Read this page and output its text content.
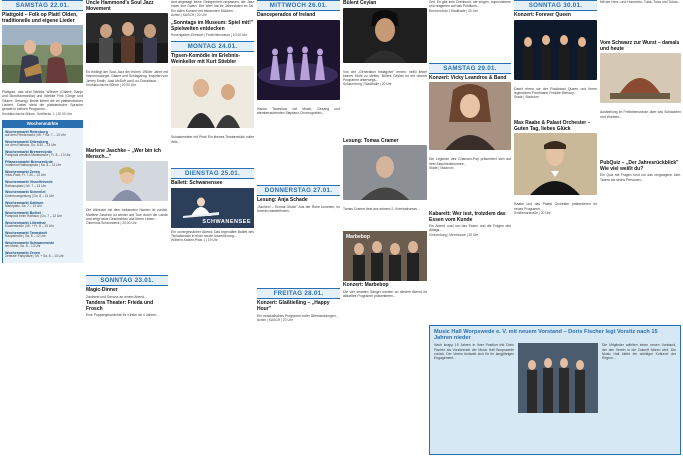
SAMSTAG 22.01.
Plattgold – Folk op Platt! Olden, traditionelle und eigene Lieder
Plattgold, das sind Wiebke Wöhner (Gitarre, Banjo und Mundharmonika) und Wiebke Fink (Geige und Gitarre, Gesang). Beide lieben die an plattdeutschen Liedern. Dabei steht die plattdeutsche Sprache gerade in kleinen Programm...
Knoblauchsche Bühne, Schillerstr. 1 | 20.00 Uhr
Wochenmärkte
Wochenmarkt Rotenburg
auf dem Pferdemarkt | Mi. + Sa. 7 – 13 Uhr
Wochenmarkt Ottersberg
vor dem Rathaus, Do. 8.30 – 13 Uhr
Wochenmarkt Bremervörde
Parkplatz westlich Marktstraße | Fr. 8 – 13 Uhr
Pflanzenmarkt Bremervörde
Vorabend Rathausplatz | Sa. 8 – 13 Uhr
Wochenmarkt Zeven
Vitus-Platz, Fr. 7.30 – 13 Uhr
Wochenmarkt Visselhövede
Rathausplatz | Mi. 7 – 13 Uhr
Wochenmarkt Scheeßel
Kirchenumgebung | Do. 8 – 13 Uhr
Wochenmarkt Sottrum
Marktplatz, Sa. 7 – 13 Uhr
Wochenmarkt Bothel
Parkplatz beim Rathaus | Do. 7 – 12 Uhr
Wochenmarkt Lilienthal
Klosterstraße | Mi. + Fr. 8 – 13 Uhr
Wochenmarkt Tarmstedt
Hauptstraße | Sa. 8 – 12 Uhr
Wochenmarkt Schwanewede
am Markt, Sa. 8 – 13 Uhr
Wochenmarkt Zeven
Zentrale Parkplätze | Mi. + Sa. 8 – 13 Uhr
Uncle Hammond's Soul Jazz Movement
Es erklingt der Soul-Jazz der frühen 1960er Jahre mit Hammondorgel, Gitarre und Schlagzeug. Inspiriert von Jimmy Smith, Jack McDuff und Lou Donaldson...
Knoblauchsche Bühne | 20.00 Uhr
Marlene Jaschke – „Wer bin ich Mensch..."
Die Ulknudel mit dem bekannten Namen ist zurück. Marlene Jaschke ist wieder auf Tour durch die Lande und zeigt neue Geschichten aus ihrem Leben...
Osterholz-Scharmbeck | 20.00 Uhr
SONNTAG 23.01.
Magic-Dinner
Zauberei und Genuss an einem Abend...
Tandera Theater: Frieda und Frosch
Eine Puppengeschichte für Kinder ab 4 Jahren...
dort abgesagt keine Gelegenheit verpassen, die Jazz Inicer ihre Daten. Der Wert hat ihr Jahrestaten im Tal. Ein tolles Konzert mit bekannten Stücken...
Achim | KASCH | 20 Uhr
„Sonntags im Museum: Spiel mit!" Spielwelten entdecken
Rosengarten-Ehestorf | Freilichtmuseum | 10.00 Uhr
MONTAG 24.01.
Tipsen-Komödie im Erlebnis-Weinkeller mit Kurt Stiebler
Schatzmeister mit Pina! Ein kleines Theaterstück voller Witz...
DIENSTAG 25.01.
Ballett: Schwanensee
SCHWANENSEE
Ein unvergesslicher Abend: Das legendäre Ballett des Tschaikowski in einer neuen Inszenierung...
Wilhelm-Kaisen-Platz 1 | 19 Uhr
MITTWOCH 26.01.
Danceperados of Ireland
Irische Tanzshow mit Musik, Gesang und atemberaubenden Steptanz-Choreografien...
DONNERSTAG 27.01.
Lesung: Anja Schade
„Sachen! – Einmal Glück!" Aus der Ruhe kommen, im Inneren wiederfinden...
FREITAG 28.01.
Konzert: Glaßtießing – „Happy Hour"
Ein musikalisches Programm voller Überraschungen...
Achim | KASCH | 20 Uhr
Bülent Ceylan
Von der „Generation Instagram" lernen, heißt lieber keinen Stuhl zu stellen. Bülent Ceylan ist mit neuem Programm unterwegs...
Schaumburg | Stadthalle | 20 Uhr
Lesung: Tomas Cramer
Tomas Cramer liest aus seinem 2. Kriminalroman...
Marbebop
Konzert: Marbebop
Die vier smarten Sänger werden an diesem Abend ihr aktuelles Programm präsentieren...
Zeit. Es gibt kein Drehbuch, sie singen, improvisieren und reagieren auf das Publikum...
Bremervörde | Stadthalle | 20 Uhr
SAMSTAG 29.01.
Konzert: Vicky Leandros & Band
Die Legende des Chanson-Pop präsentiert sich auf ihrer Abschiedstournee...
Stade | Stadeum
Kabarett: Wer isst, trotzdem das Essen vom Kunde
Ein Abend rund um das Essen und die Fragen des Alltags...
Grünenburg | Mehrhouse | 20 Uhr
SONNTAG 30.01.
Konzert: Forever Queen
Damit ehren sie der Rockband Queen und ihrem legendären Frontmann Freddie Mercury...
Stade | Stadeum
Max Raabe & Palast Orchester – Guten Tag, liebes Glück
Raabe und das Palast Orchester präsentieren ihr neues Programm...
Schillertorstraße | 20 Uhr
Mit der Herz- und Humortrio: Tuba, Tuba und Tubas...
Vom Schwarz zur Wurst – damals und heute
Ausstellung im Freilichtmuseum über das Schlachten und Wursten...
PubQuiz – „Der Jahresrückblick" Wie viel weißt du?
Ein Quiz mit Fragen rund um das vergangene Jahr. Teams bis sechs Personen...
Music Hall Worpswede e. V. mit neuem Vorstand – Doris Fischer legt Vorsitz nach 15 Jahren nieder
Nach knapp 15 Jahren in ihrer Position tritt Doris Fischer als Vorsitzende der Music Hall Worpswede zurück. Der Verein bedankt sich für ihr langjähriges Engagement...
Die Mitglieder wählten einen neuen Vorstand, der den Verein in die Zukunft führen wird. Die Music Hall bleibt ein wichtiger Kulturort der Region...
